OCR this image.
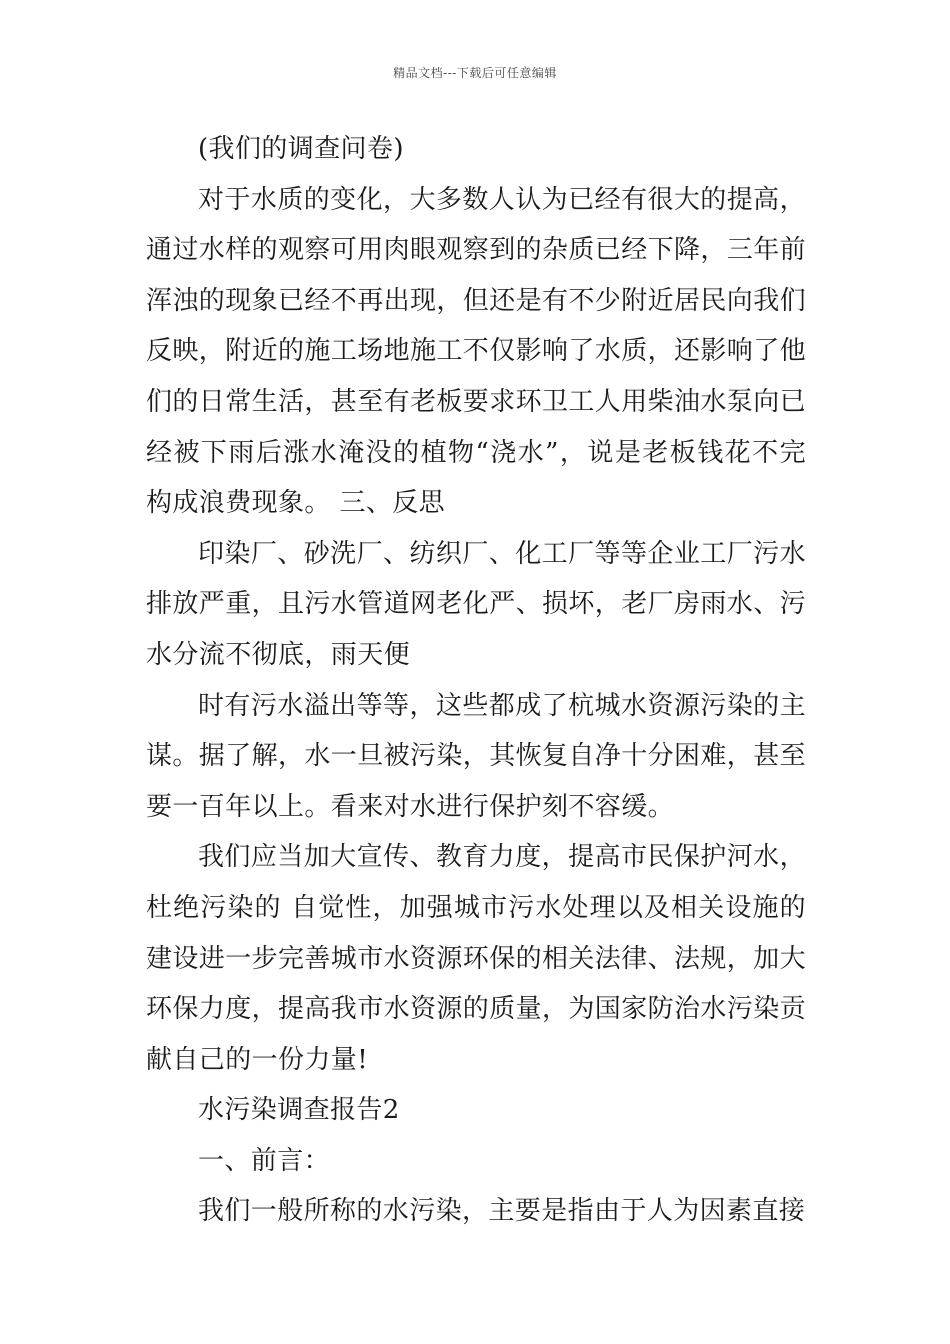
精品文档---下载后可任意编辑

(我们的调查问卷)

对于水质的变化，大多数人认为已经有很大的提高，通过水样的观察可用肉眼观察到的杂质已经下降，三年前浑浊的现象已经不再出现，但还是有不少附近居民向我们反映，附近的施工场地施工不仅影响了水质，还影响了他们的日常生活，甚至有老板要求环卫工人用柴油水泵向已经被下雨后涨水淹没的植物“浇水”，说是老板钱花不完构成浪费现象。 三、反思

印染厂、砂洗厂、纺织厂、化工厂等等企业工厂污水排放严重，且污水管道网老化严、损坏，老厂房雨水、污水分流不彻底，雨天便

时有污水溢出等等，这些都成了杭城水资源污染的主谋。据了解，水一旦被污染，其恢复自净十分困难，甚至要一百年以上。看来对水进行保护刻不容缓。

我们应当加大宣传、教育力度，提高市民保护河水，杜绝污染的 自觉性，加强城市污水处理以及相关设施的建设进一步完善城市水资源环保的相关法律、法规，加大环保力度，提高我市水资源的质量，为国家防治水污染贡献自己的一份力量!

水污染调查报告2

一、前言：

我们一般所称的水污染，主要是指由于人为因素直接
